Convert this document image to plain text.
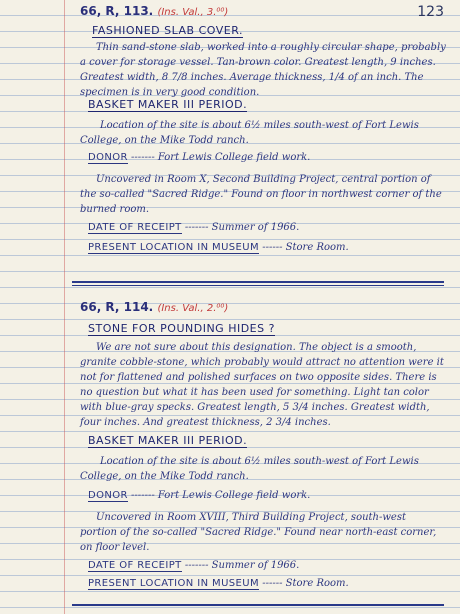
123
66, R, 113. (Ins. Val., 3.⁰⁰)
FASHIONED SLAB COVER.
Thin sand-stone slab, worked into a roughly circular shape, probably a cover for storage vessel. Tan-brown color. Greatest length, 9 inches. Greatest width, 8 7/8 inches. Average thickness, 1/4 of an inch. The specimen is in very good condition.
BASKET MAKER III PERIOD.
Location of the site is about 6½ miles south-west of Fort Lewis College, on the Mike Todd ranch.
DONOR ------- Fort Lewis College field work.
Uncovered in Room X, Second Building Project, central portion of the so-called "Sacred Ridge." Found on floor in northwest corner of the burned room.
DATE OF RECEIPT ------- Summer of 1966.
PRESENT LOCATION IN MUSEUM ------ Store Room.
66, R, 114. (Ins. Val., 2.⁰⁰)
STONE FOR POUNDING HIDES ?
We are not sure about this designation. The object is a smooth, granite cobble-stone, which probably would attract no attention were it not for flattened and polished surfaces on two opposite sides. There is no question but what it has been used for something. Light tan color with blue-gray specks. Greatest length, 5 3/4 inches. Greatest width, four inches. And greatest thickness, 2 3/4 inches.
BASKET MAKER III PERIOD.
Location of the site is about 6½ miles south-west of Fort Lewis College, on the Mike Todd ranch.
DONOR ------- Fort Lewis College field work.
Uncovered in Room XVIII, Third Building Project, south-west portion of the so-called "Sacred Ridge." Found near north-east corner, on floor level.
DATE OF RECEIPT ------- Summer of 1966.
PRESENT LOCATION IN MUSEUM ------ Store Room.
